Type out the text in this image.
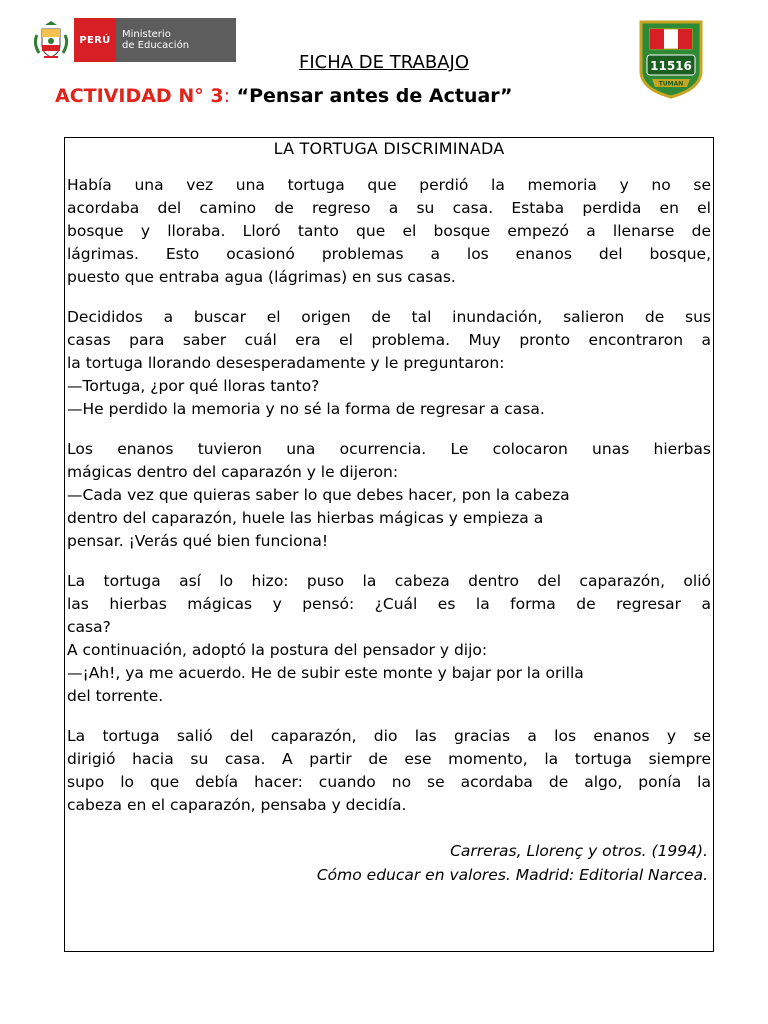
PERÚ	Ministerio
de Educación
11516
TUMAN
FICHA DE TRABAJO
ACTIVIDAD N° 3: “Pensar antes de Actuar”
LA TORTUGA DISCRIMINADA
Había una vez una tortuga que perdió la memoria y no se
acordaba del camino de regreso a su casa. Estaba perdida en el
bosque y lloraba. Lloró tanto que el bosque empezó a llenarse de
lágrimas. Esto ocasionó problemas a los enanos del bosque,
puesto que entraba agua (lágrimas) en sus casas.
Decididos a buscar el origen de tal inundación, salieron de sus
casas para saber cuál era el problema. Muy pronto encontraron a
la tortuga llorando desesperadamente y le preguntaron:
—Tortuga, ¿por qué lloras tanto?
—He perdido la memoria y no sé la forma de regresar a casa.
Los enanos tuvieron una ocurrencia. Le colocaron unas hierbas
mágicas dentro del caparazón y le dijeron:
—Cada vez que quieras saber lo que debes hacer, pon la cabeza
dentro del caparazón, huele las hierbas mágicas y empieza a
pensar. ¡Verás qué bien funciona!
La tortuga así lo hizo: puso la cabeza dentro del caparazón, olió
las hierbas mágicas y pensó: ¿Cuál es la forma de regresar a
casa?
A continuación, adoptó la postura del pensador y dijo:
—¡Ah!, ya me acuerdo. He de subir este monte y bajar por la orilla
del torrente.
La tortuga salió del caparazón, dio las gracias a los enanos y se
dirigió hacia su casa. A partir de ese momento, la tortuga siempre
supo lo que debía hacer: cuando no se acordaba de algo, ponía la
cabeza en el caparazón, pensaba y decidía.
Carreras, Llorenç y otros. (1994).
Cómo educar en valores. Madrid: Editorial Narcea.
